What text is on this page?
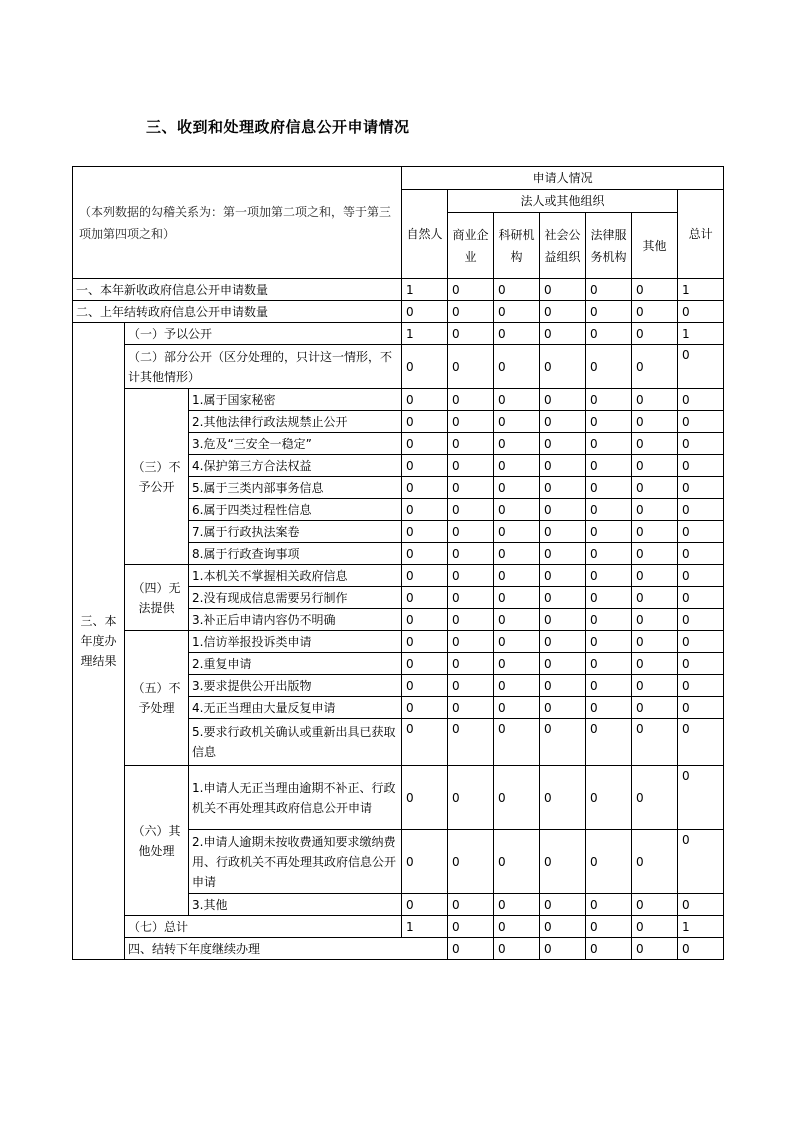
三、收到和处理政府信息公开申请情况
（本列数据的勾稽关系为：第一项加第二项之和，等于第三项加第四项之和）			申请人情况							
			自然人	法人或其他组织					总计	
				商业企业	科研机构	社会公益组织	法律服务机构	其他		
一、本年新收政府信息公开申请数量			1	0	0	0	0	0	1	
二、上年结转政府信息公开申请数量			0	0	0	0	0	0	0	
三、本年度办理结果	（一）予以公开		1	0	0	0	0	0	1	
	（二）部分公开（区分处理的，只计这一情形，不计其他情形）		0	0	0	0	0	0	0	
	（三）不予公开	1.属于国家秘密	0	0	0	0	0	0	0	
		2.其他法律行政法规禁止公开	0	0	0	0	0	0	0	
		3.危及“三安全一稳定”	0	0	0	0	0	0	0	
		4.保护第三方合法权益	0	0	0	0	0	0	0	
		5.属于三类内部事务信息	0	0	0	0	0	0	0	
		6.属于四类过程性信息	0	0	0	0	0	0	0	
		7.属于行政执法案卷	0	0	0	0	0	0	0	
		8.属于行政查询事项	0	0	0	0	0	0	0	
	（四）无法提供	1.本机关不掌握相关政府信息	0	0	0	0	0	0	0	
		2.没有现成信息需要另行制作	0	0	0	0	0	0	0	
		3.补正后申请内容仍不明确	0	0	0	0	0	0	0	
	（五）不予处理	1.信访举报投诉类申请	0	0	0	0	0	0	0	
		2.重复申请	0	0	0	0	0	0	0	
		3.要求提供公开出版物	0	0	0	0	0	0	0	
		4.无正当理由大量反复申请	0	0	0	0	0	0	0	
		5.要求行政机关确认或重新出具已获取信息	0	0	0	0	0	0	0	
	（六）其他处理	1.申请人无正当理由逾期不补正、行政机关不再处理其政府信息公开申请	0	0	0	0	0	0	0	
		2.申请人逾期未按收费通知要求缴纳费用、行政机关不再处理其政府信息公开申请	0	0	0	0	0	0	0	
		3.其他	0	0	0	0	0	0	0	
	（七）总计		1	0	0	0	0	0	1	
	四、结转下年度继续办理			0	0	0	0	0	0	
